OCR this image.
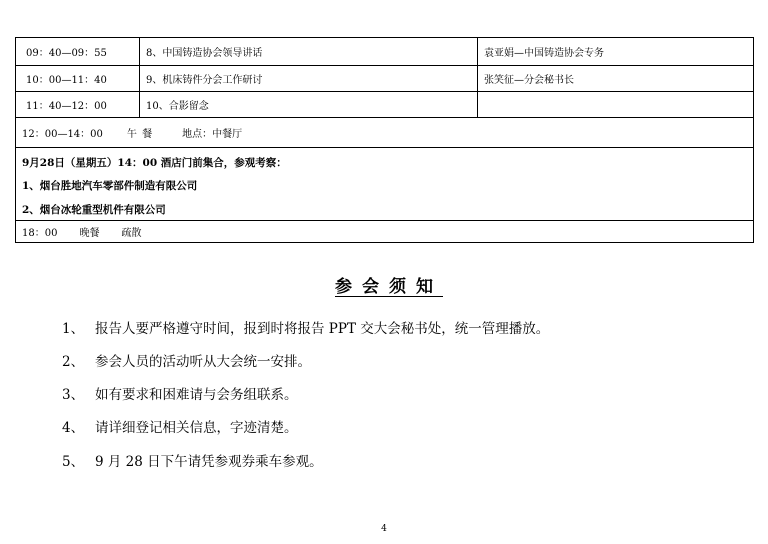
09：40—09：55	8、中国铸造协会领导讲话	袁亚娟—中国铸造协会专务
10：00—11：40	9、机床铸件分会工作研讨	张笑征—分会秘书长
11：40—12：00	10、合影留念
12：00—14：00 午 餐	地点：中餐厅
9月28日（星期五）14：00 酒店门前集合，参观考察：
1、烟台胜地汽车零部件制造有限公司
2、烟台冰轮重型机件有限公司
18：00 晚餐 疏散
参会须知
1、 报告人要严格遵守时间，报到时将报告 PPT 交大会秘书处，统一管理播放。
2、 参会人员的活动听从大会统一安排。
3、 如有要求和困难请与会务组联系。
4、 请详细登记相关信息，字迹清楚。
5、 9 月 28 日下午请凭参观券乘车参观。
4
